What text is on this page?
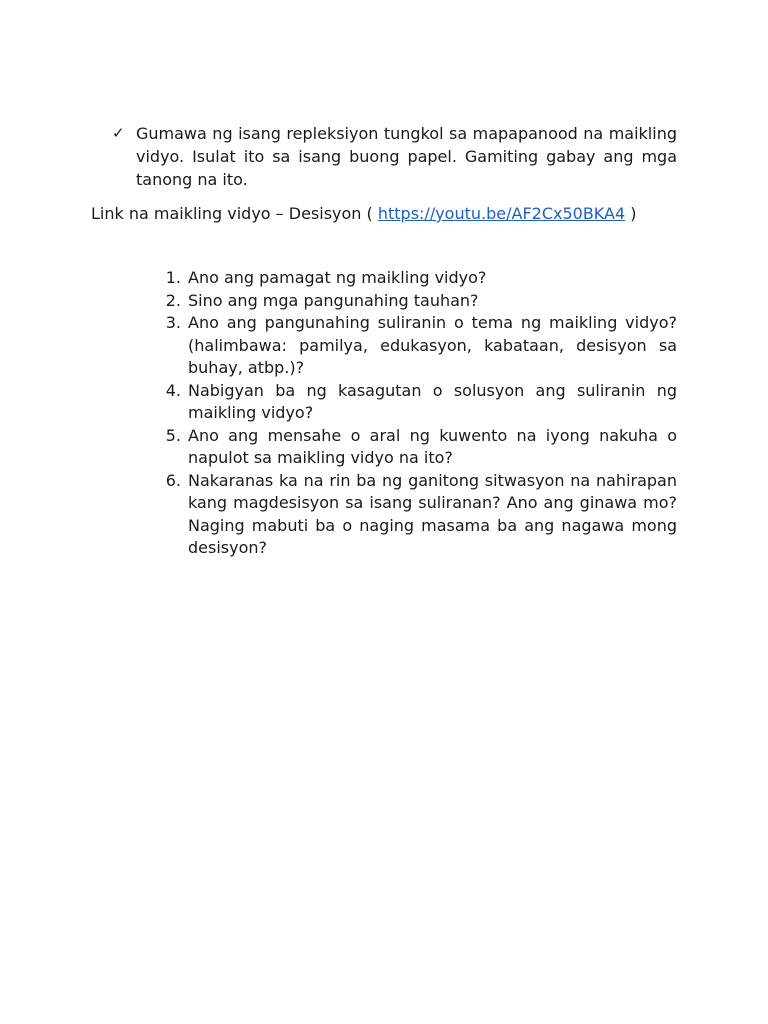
✓ Gumawa ng isang repleksiyon tungkol sa mapapanood na maikling vidyo. Isulat ito sa isang buong papel. Gamiting gabay ang mga tanong na ito.
Link na maikling vidyo – Desisyon ( https://youtu.be/AF2Cx50BKA4 )
1. Ano ang pamagat ng maikling vidyo?
2. Sino ang mga pangunahing tauhan?
3. Ano ang pangunahing suliranin o tema ng maikling vidyo? (halimbawa: pamilya, edukasyon, kabataan, desisyon sa buhay, atbp.)?
4. Nabigyan ba ng kasagutan o solusyon ang suliranin ng maikling vidyo?
5. Ano ang mensahe o aral ng kuwento na iyong nakuha o napulot sa maikling vidyo na ito?
6. Nakaranas ka na rin ba ng ganitong sitwasyon na nahirapan kang magdesisyon sa isang suliranan? Ano ang ginawa mo? Naging mabuti ba o naging masama ba ang nagawa mong desisyon?
